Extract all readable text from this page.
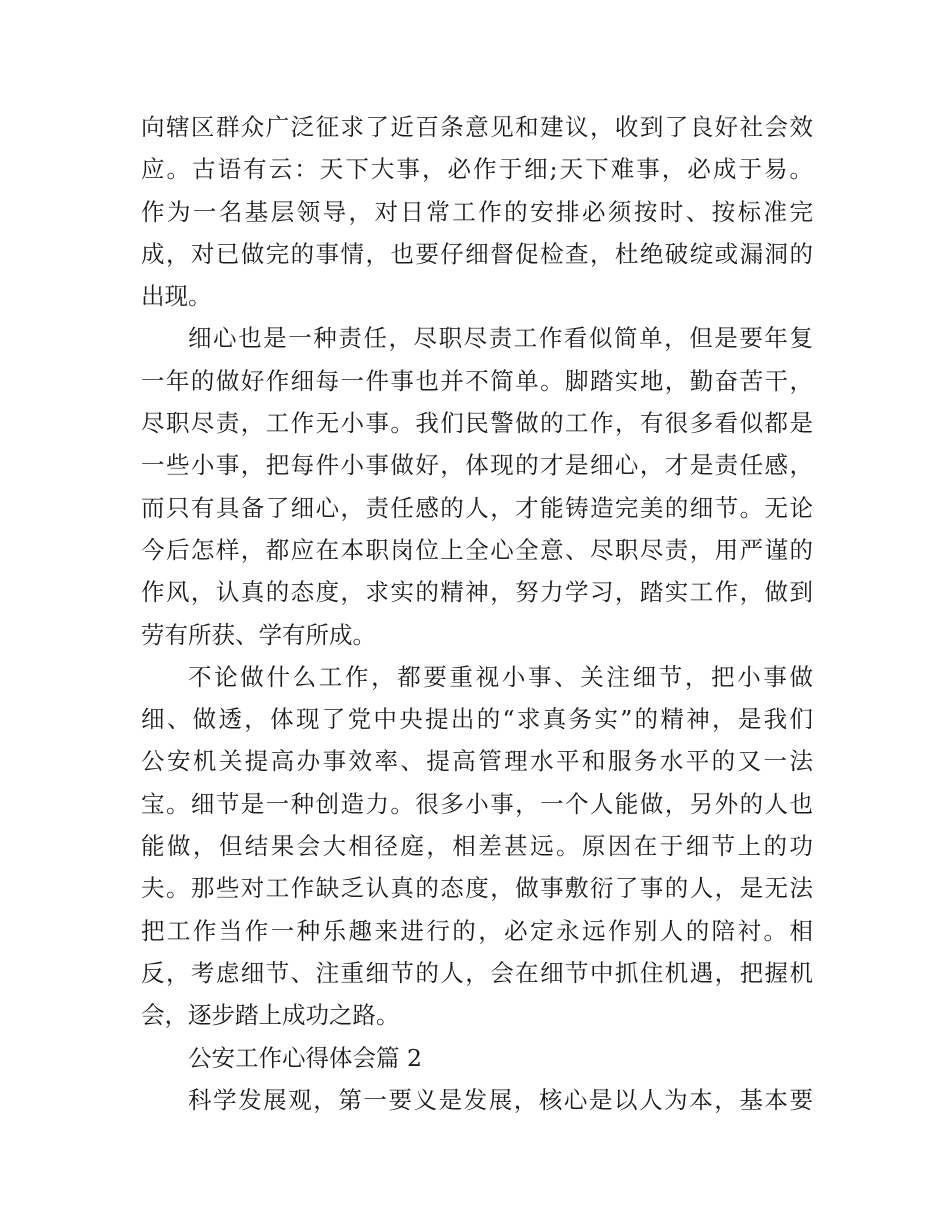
向辖区群众广泛征求了近百条意见和建议，收到了良好社会效
应。古语有云：天下大事，必作于细;天下难事，必成于易。
作为一名基层领导，对日常工作的安排必须按时、按标准完
成，对已做完的事情，也要仔细督促检查，杜绝破绽或漏洞的
出现。
细心也是一种责任，尽职尽责工作看似简单，但是要年复
一年的做好作细每一件事也并不简单。脚踏实地，勤奋苦干，
尽职尽责，工作无小事。我们民警做的工作，有很多看似都是
一些小事，把每件小事做好，体现的才是细心，才是责任感，
而只有具备了细心，责任感的人，才能铸造完美的细节。无论
今后怎样，都应在本职岗位上全心全意、尽职尽责，用严谨的
作风，认真的态度，求实的精神，努力学习，踏实工作，做到
劳有所获、学有所成。
不论做什么工作，都要重视小事、关注细节，把小事做
细、做透，体现了党中央提出的“求真务实”的精神，是我们
公安机关提高办事效率、提高管理水平和服务水平的又一法
宝。细节是一种创造力。很多小事，一个人能做，另外的人也
能做，但结果会大相径庭，相差甚远。原因在于细节上的功
夫。那些对工作缺乏认真的态度，做事敷衍了事的人，是无法
把工作当作一种乐趣来进行的，必定永远作别人的陪衬。相
反，考虑细节、注重细节的人，会在细节中抓住机遇，把握机
会，逐步踏上成功之路。
公安工作心得体会篇 2
科学发展观，第一要义是发展，核心是以人为本，基本要
